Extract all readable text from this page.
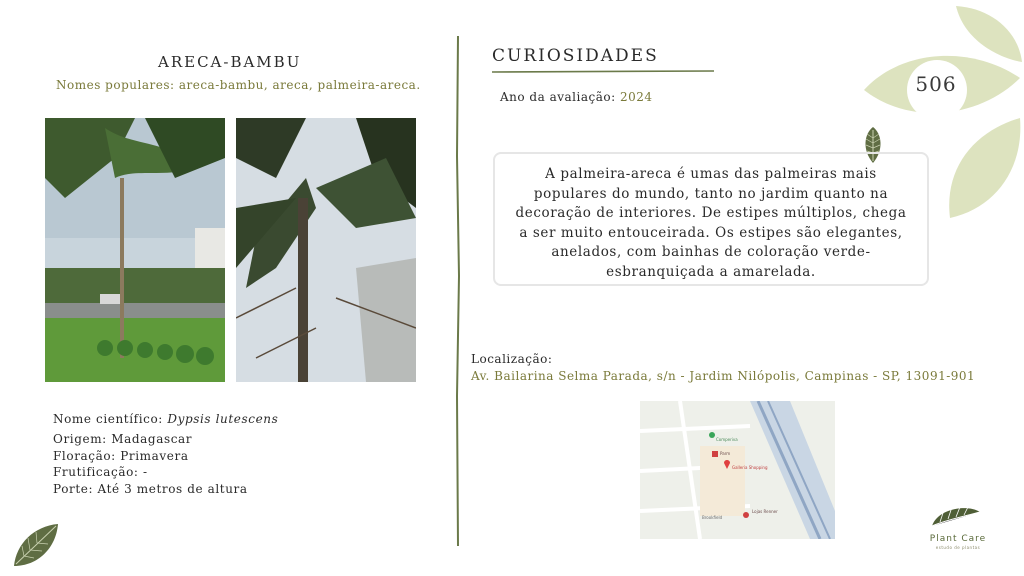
506
ARECA-BAMBU
Nomes populares: areca-bambu, areca, palmeira-areca.
Nome científico: Dypsis lutescens
Origem: Madagascar
Floração: Primavera
Frutificação: -
Porte: Até 3 metros de altura
CURIOSIDADES
Ano da avaliação: 2024
A palmeira-areca é umas das palmeiras mais populares do mundo, tanto no jardim quanto na decoração de interiores. De estipes múltiplos, chega a ser muito entouceirada. Os estipes são elegantes, anelados, com bainhas de coloração verde-esbranquiçada a amarelada.
Localização:
Av. Bailarina Selma Parada, s/n - Jardim Nilópolis, Campinas - SP, 13091-901
Comperiva
Parm
Galleria Shopping
Lojas Renner
Brookfield
Plant Care
estudo de plantas
